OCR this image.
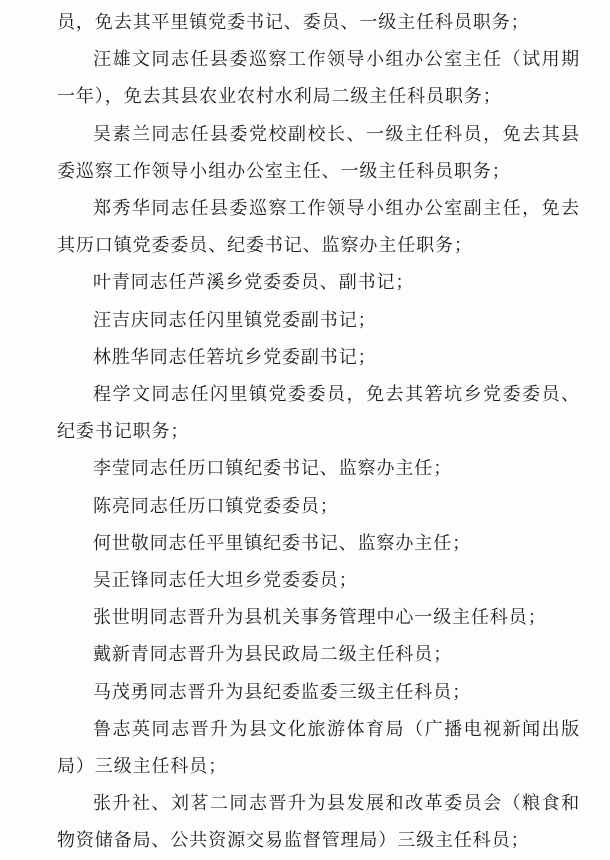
员，免去其平里镇党委书记、委员、一级主任科员职务；

汪雄文同志任县委巡察工作领导小组办公室主任（试用期一年），免去其县农业农村水利局二级主任科员职务；

吴素兰同志任县委党校副校长、一级主任科员，免去其县委巡察工作领导小组办公室主任、一级主任科员职务；

郑秀华同志任县委巡察工作领导小组办公室副主任，免去其历口镇党委委员、纪委书记、监察办主任职务；

叶青同志任芦溪乡党委委员、副书记；

汪吉庆同志任闪里镇党委副书记；

林胜华同志任箬坑乡党委副书记；

程学文同志任闪里镇党委委员，免去其箬坑乡党委委员、纪委书记职务；

李莹同志任历口镇纪委书记、监察办主任；

陈亮同志任历口镇党委委员；

何世敬同志任平里镇纪委书记、监察办主任；

吴正锋同志任大坦乡党委委员；

张世明同志晋升为县机关事务管理中心一级主任科员；

戴新青同志晋升为县民政局二级主任科员；

马茂勇同志晋升为县纪委监委三级主任科员；

鲁志英同志晋升为县文化旅游体育局（广播电视新闻出版局）三级主任科员；

张升社、刘茗二同志晋升为县发展和改革委员会（粮食和物资储备局、公共资源交易监督管理局）三级主任科员；
